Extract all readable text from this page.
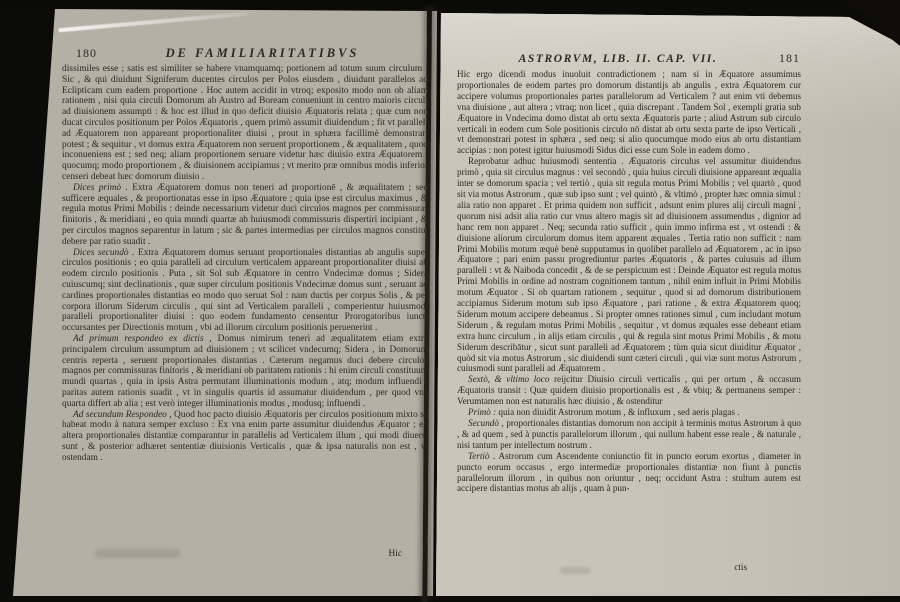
180	DE FAMILIARITATIBVS

dissimiles esse ; satis est similiter se habere vnamquamq; portionem ad totum suum circulum : Sic , & qui diuidunt Signiferum ducentes circulos per Polos eiusdem , diuidunt parallelos ad Eclipticam cum eadem proportione . Hoc autem accidit in vtroq; exposito modo non ob aliam rationem , nisi quia circuli Domorum ab Austro ad Boream conueniunt in centro maioris circuli ad diuisionem assumpti : & hoc est illud in quo deficit diuisio Æquatoris relata ; quæ cum non ducat circulos positionum per Polos Æquatoris , quem primò assumit diuidendum ; fit vt paralleli ad Æquatorem non appareant proportionaliter diuisi , prout in sphæra facillimè demonstrari potest ; & sequitur , vt domus extra Æquatorem non seruent proportionem , & æqualitatem , quod inconueniens est ; sed neq; aliam proportionem seruare videtur hæc diuisio extra Æquatorem , quocumq; modo proportionem , & diuisionem accipiamus ; vt merito præ omnibus modis inferior censeri debeat hæc domorum diuisio .

Dices primò . Extra Æquatorem domus non teneri ad proportionē , & æqualitatem ; sed sufficere æquales , & proportionatas esse in ipso Æquatore ; quia ipse est circulus maximus , & regula motus Primi Mobilis : deinde necessarium videtur duci circulos magnos per commissuras finitoris , & meridiani , eo quia mundi quartæ ab huiusmodi commissuris dispertiri incipiant , & per circulos magnos separentur in latum ; sic & partes intermedias per circulos magnos constitui debere par ratio suadit .

Dices secundò . Extra Æquatorem domus seruant proportionales distantias ab angulis super circulos positionis ; eo quia paralleli ad circulum verticalem appareant proportionaliter diuisi ab eodem circulo positionis . Puta , sit Sol sub Æquatore in centro Vndecimæ domus ; Sidera cuiuscumq; sint declinationis , quæ super circulum positionis Vndecimæ domus sunt , seruant ad cardines proportionales distantias eo modo quo seruat Sol : nam ductis per corpus Solis , & per corpora illorum Siderum circulis , qui sint ad Verticalem paralleli , comperientur huiusmodi paralleli proportionaliter diuisi : quo eodem fundamento censentur Prorogatoribus iuncti occursantes per Directionis motum , vbi ad illorum circulum positionis peruenerint .

Ad primum respondeo ex dictis , Domus nimirum teneri ad æqualitatem etiam extra principalem circulum assumptum ad diuisionem ; vt scilicet vndecumq; Sidera , in Domorum centris reperta , seruent proportionales distantias . Cæterum negamus duci debere circulos magnos per commissuras finitoris , & meridiani ob paritatem rationis : hi enim circuli constituunt mundi quartas , quia in ipsis Astra permutant illuminationis modum , atq; modum influendi : paritas autem rationis suadit , vt in singulis quartis id assumatur diuidendum , per quod vna quarta differt ab alia ; est verò integer illuminationis modus , modusq; influendi .

Ad secundum Respondeo , Quod hoc pacto diuisio Æquatoris per circulos positionum mixto se habeat modo à natura semper excluso : Ex vna enim parte assumitur diuidendus Æquator ; ex altera proportionales distantiæ comparantur in parallelis ad Verticalem illum , qui modi diuersi sunt , & posterior adhæret sententiæ diuisionis Verticalis , quæ & ipsa naturalis non est , vt ostendam .

Hic
ASTRORVM, LIB. II. CAP. VII.	181

Hic ergo dicendi modus inuoluit contradictionem ; nam si in Æquatore assumimus proportionales de eodem partes pro domorum distantijs ab angulis , extra Æquatorem cur accipere volumus proportionales partes parallelorum ad Verticalem ? aut enim vti debemus vna diuisione , aut altera ; vtraq; non licet , quia discrepant . Tandem Sol , exempli gratia sub Æquatore in Vndecima domo distat ab ortu sexta Æquatoris parte ; aliud Astrum sub circulo verticali in eodem cum Sole positionis circulo nō distat ab ortu sexta parte de ipso Verticali , vt demonstrari potest in sphæra , sed neq; si alio quocumque modo eius ab ortu distantiam accipias : non potest igitur huiusmodi Sidus dici esse cum Sole in eadem domo .

Reprobatur adhuc huiusmodi sententia . Æquatoris circulus vel assumitur diuidendus primò , quia sit circulus magnus : vel secondò , quia huius circuli diuisione appareant æqualia inter se domorum spacia ; vel tertiò , quia sit regula motus Primi Mobilis ; vel quartò , quod sit via motus Astrorum , quæ sub ipso sunt ; vel quintò , & vltimò , propter hæc omnia simul : alia ratio non apparet . Et prima quidem non sufficit , adsunt enim plures alij circuli magni , quorum nisi adsit alia ratio cur vnus altero magis sit ad diuisionem assumendus , dignior ad hanc rem non apparet . Neq; secunda ratio sufficit , quin immo infirma est , vt ostendi : & diuisione aliorum circulorum domus item apparent æquales . Tertia ratio non sufficit : nam Primi Mobilis motum æquè benè supputamus in quolibet parallelo ad Æquatorem , ac in ipso Æquatore ; pari enim passu progrediuntur partes Æquatoris , & partes cuiusuis ad illum paralleli : vt & Naiboda concedit , & de se perspicuum est : Deinde Æquator est regula motus Primi Mobilis in ordine ad nostram cognitionem tantum , nihil enim influit in Primi Mobilis motum Æquator . Si ob quartam rationem , sequitur , quod si ad domorum distributionem accipiamus Siderum motum sub ipso Æquatore , pari ratione , & extra Æquatorem quoq; Siderum motum accipere debeamus . Si propter omnes rationes simul , cum includant motum Siderum , & regulam motus Primi Mobilis , sequitur , vt domus æquales esse debeant etiam extra hunc circulum , in alijs etiam circulis , qui & regula sint motus Primi Mobilis , & motu Siderum describātur , sicut sunt paralleli ad Æquatorem ; tùm quia sicut diuiditur Æquator , quòd sit via motus Astrorum , sic diuidendi sunt cæteri circuli , qui viæ sunt motus Astrorum , cuiusmodi sunt paralleli ad Æquatorem .

Sextò, & vltimo loco reijcitur Diuisio circuli verticalis , qui per ortum , & occasum Æquatoris transit : Quæ quidem diuisio proportionalis est , & vbiq; & permanens semper : Verumtamen non est naturalis hæc diuisio , & ostenditur

Primò : quia non diuidit Astrorum motum , & influxum , sed aeris plagas .

Secundò , proportionales distantias domorum non accipit à terminis motus Astrorum à quo , & ad quem , sed à punctis parallelorum illorum , qui nullum habent esse reale , & naturale , nisi tantum per intellectum nostrum .

Tertiò . Astrorum cum Ascendente coniunctio fit in puncto eorum exortus , diameter in puncto eorum occasus , ergo intermediæ proportionales distantiæ non fiunt à punctis parallelorum illorum , in quibus non oriuntur , neq; occidunt Astra : stultum autem est accipere distantias motus ab alijs , quam à pun-

ctis
